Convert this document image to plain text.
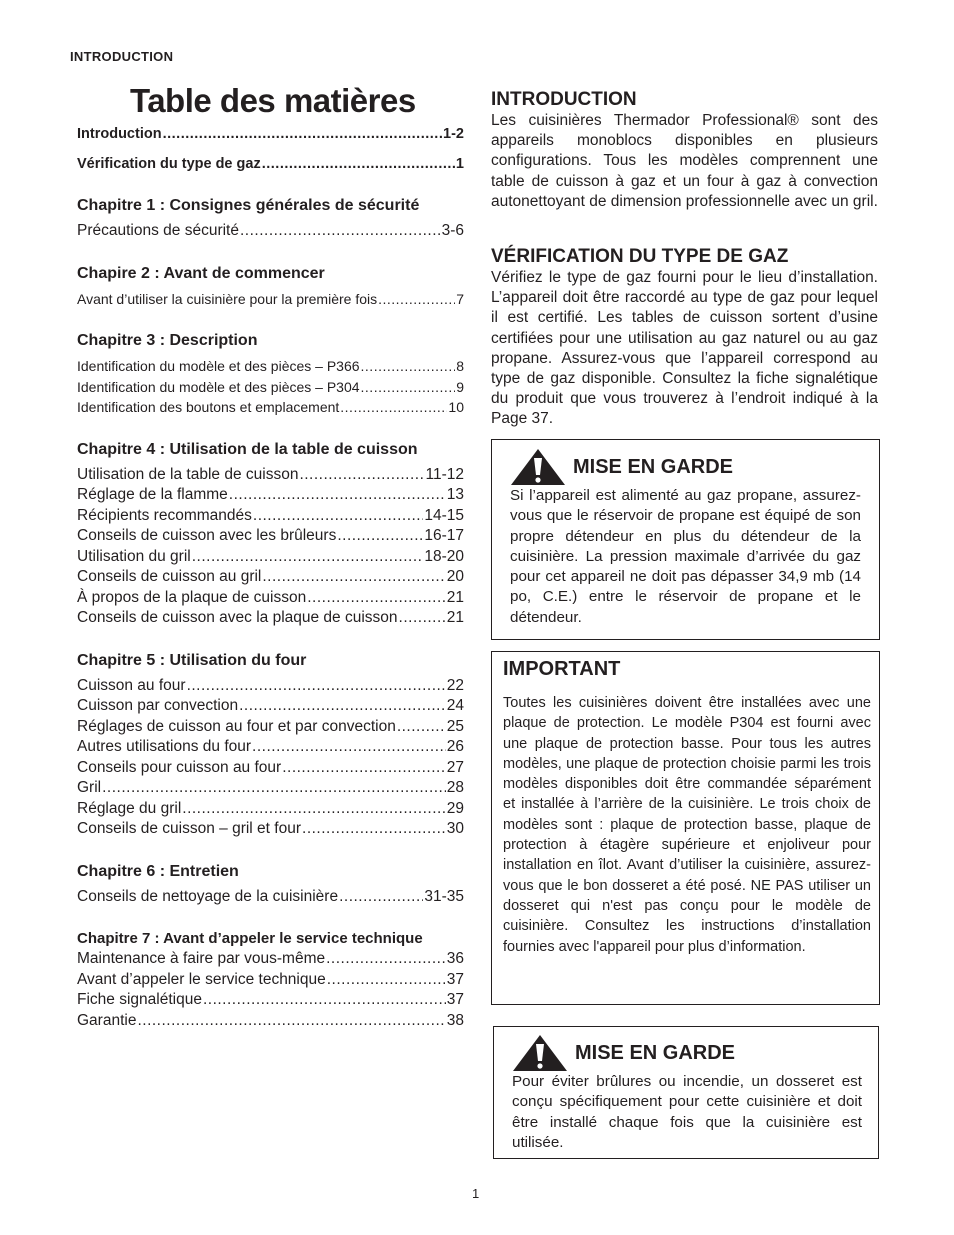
INTRODUCTION
Table des matières
Introduction .....	1-2
Vérification du type de gaz .....	1
Chapitre 1 : Consignes générales de sécurité
Précautions de sécurité .....	3-6
Chapire 2 : Avant de commencer
Avant d’utiliser la cuisinière pour la première fois .....	7
Chapitre 3 : Description
Identification du modèle et des pièces – P366 .....	8
Identification du modèle et des pièces – P304 .....	9
Identification des boutons et emplacement .....	10
Chapitre 4 : Utilisation de la table de cuisson
Utilisation de la table de cuisson .....	11-12
Réglage de la flamme .....	13
Récipients recommandés .....	14-15
Conseils de cuisson avec les brûleurs .....	16-17
Utilisation du gril .....	18-20
Conseils de cuisson au gril .....	20
À propos de la plaque de cuisson .....	21
Conseils de cuisson avec la plaque de cuisson .....	21
Chapitre 5 : Utilisation du four
Cuisson au four .....	22
Cuisson par convection .....	24
Réglages de cuisson au four et par convection .....	25
Autres utilisations du four .....	26
Conseils pour cuisson au four .....	27
Gril .....	28
Réglage du gril .....	29
Conseils de cuisson – gril et four .....	30
Chapitre 6 : Entretien
Conseils de nettoyage de la cuisinière .....	31-35
Chapitre 7 : Avant d’appeler le service technique
Maintenance à faire par vous-même .....	36
Avant d’appeler le service technique .....	37
Fiche signalétique .....	37
Garantie .....	38
INTRODUCTION
Les cuisinières Thermador Professional® sont des appareils monoblocs disponibles en plusieurs configurations. Tous les modèles comprennent une table de cuisson à gaz et un four à gaz à convection autonettoyant de dimension professionnelle avec un gril.
VÉRIFICATION DU TYPE DE GAZ
Vérifiez le type de gaz fourni pour le lieu d’installation. L’appareil doit être raccordé au type de gaz pour lequel il est certifié. Les tables de cuisson sortent d’usine certifiées pour une utilisation au gaz naturel ou au gaz propane. Assurez-vous que l’appareil correspond au type de gaz disponible. Consultez la fiche signalétique du produit que vous trouverez à l’endroit indiqué à la Page 37.
MISE EN GARDE
Si l’appareil est alimenté au gaz propane, assurez-vous que le réservoir de propane est équipé de son propre détendeur en plus du détendeur de la cuisinière. La pression maximale d’arrivée du gaz pour cet appareil ne doit pas dépasser 34,9 mb (14 po, C.E.) entre le réservoir de propane et le détendeur.
IMPORTANT
Toutes les cuisinières doivent être installées avec une plaque de protection. Le modèle P304 est fourni avec une plaque de protection basse. Pour tous les autres modèles, une plaque de protection choisie parmi les trois modèles disponibles doit être commandée séparément et installée à l’arrière de la cuisinière. Le trois choix de modèles sont : plaque de protection basse, plaque de protection à étagère supérieure et enjoliveur pour installation en îlot. Avant d’utiliser la cuisinière, assurez-vous que le bon dosseret a été posé. NE PAS utiliser un dosseret qui n'est pas conçu pour le modèle de cuisinière. Consultez les instructions d’installation fournies avec l'appareil pour plus d’information.
MISE EN GARDE
Pour éviter brûlures ou incendie, un dosseret est conçu spécifiquement pour cette cuisinière et doit être installé chaque fois que la cuisinière est utilisée.
1
